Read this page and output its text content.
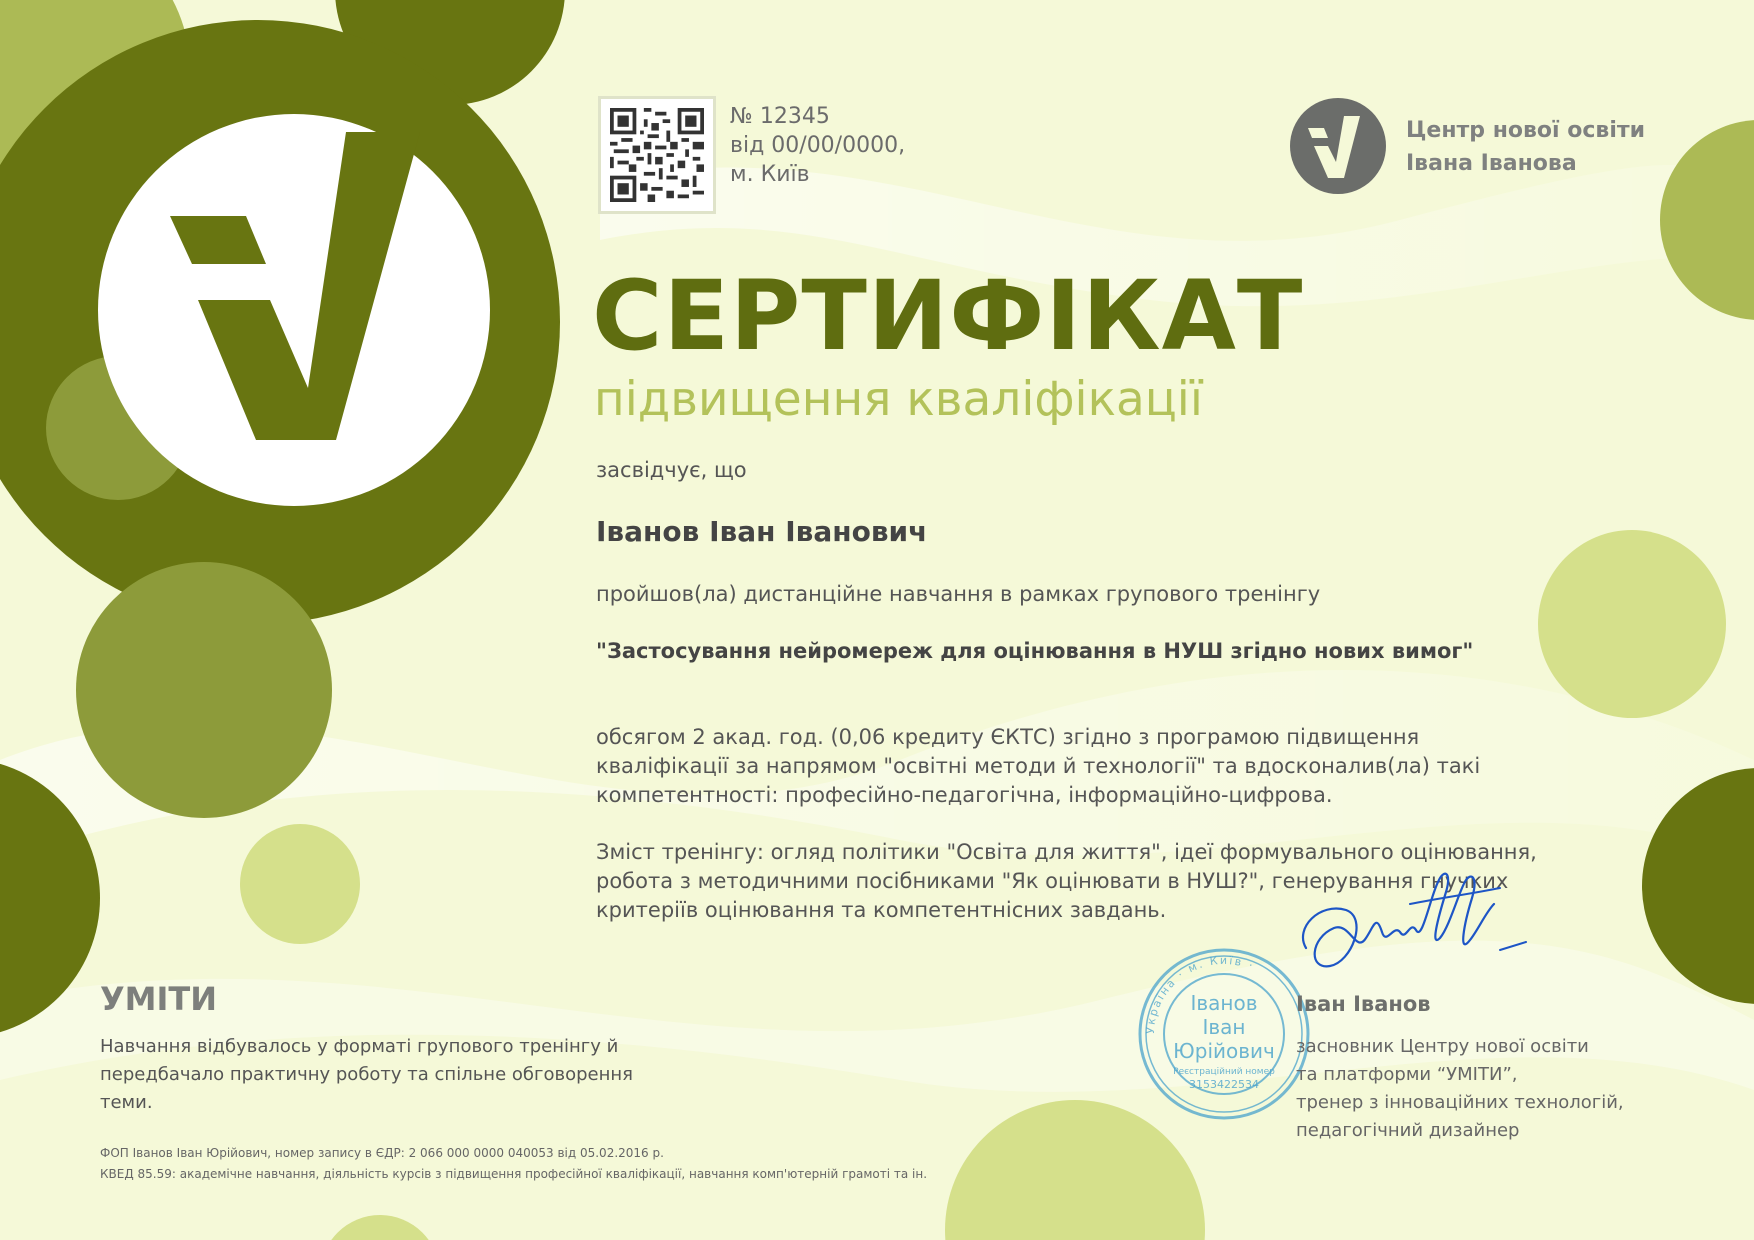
№ 12345
від 00/00/0000,
м. Київ
Центр нової освіти
Івана Іванова
СЕРТИФІКАТ
підвищення кваліфікації
засвідчує, що
Іванов Іван Іванович
пройшов(ла) дистанційне навчання в рамках групового тренінгу
"Застосування нейромереж для оцінювання в НУШ згідно нових вимог"
обсягом 2 акад. год. (0,06 кредиту ЄКТС) згідно з програмою підвищення кваліфікації за напрямом "освітні методи й технології" та вдосконалив(ла) такі компетентності: професійно-педагогічна, інформаційно-цифрова.
Зміст тренінгу: огляд політики "Освіта для життя", ідеї формувального оцінювання, робота з методичними посібниками "Як оцінювати в НУШ?", генерування гнучких критеріїв оцінювання та компетентнісних завдань.
УМІТИ
Навчання відбувалось у форматі групового тренінгу й передбачало практичну роботу та спільне обговорення теми.
ФОП Іванов Іван Юрійович, номер запису в ЄДР: 2 066 000 0000 040053 від 05.02.2016 р.
КВЕД 85.59: академічне навчання, діяльність курсів з підвищення професійної кваліфікації, навчання комп'ютерній грамоті та ін.
Україна · м. Київ ·
Іванов
Іван
Юрійович
Реєстраційний номер
3153422534
Іван Іванов
засновник Центру нової освіти
та платформи “УМІТИ”,
тренер з інноваційних технологій,
педагогічний дизайнер
